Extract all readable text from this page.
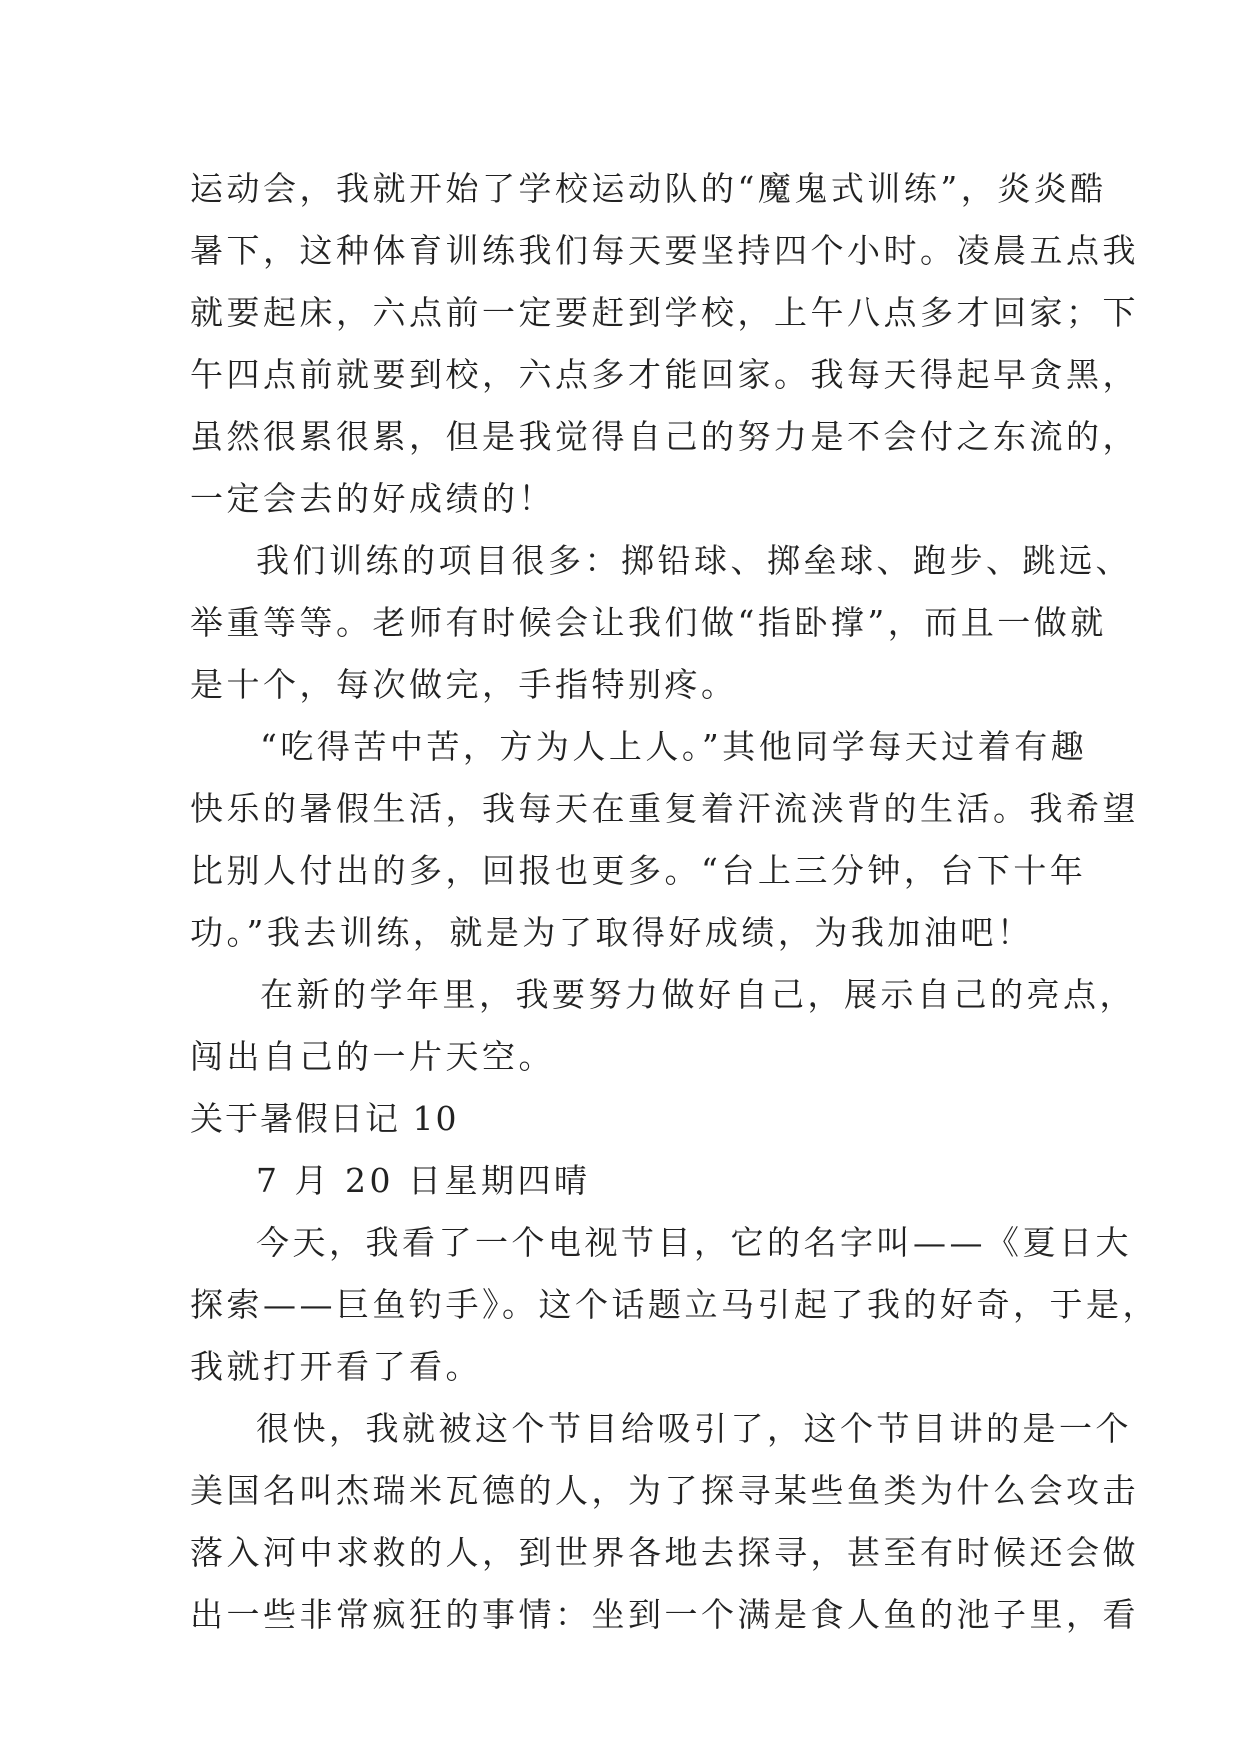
运动会，我就开始了学校运动队的“魔鬼式训练”，炎炎酷
暑下，这种体育训练我们每天要坚持四个小时。凌晨五点我
就要起床，六点前一定要赶到学校，上午八点多才回家；下
午四点前就要到校，六点多才能回家。我每天得起早贪黑，
虽然很累很累，但是我觉得自己的努力是不会付之东流的，
一定会去的好成绩的！
我们训练的项目很多：掷铅球、掷垒球、跑步、跳远、
举重等等。老师有时候会让我们做“指卧撑”，而且一做就
是十个，每次做完，手指特别疼。
“吃得苦中苦，方为人上人。”其他同学每天过着有趣
快乐的暑假生活，我每天在重复着汗流浃背的生活。我希望
比别人付出的多，回报也更多。“台上三分钟，台下十年
功。”我去训练，就是为了取得好成绩，为我加油吧！
在新的学年里，我要努力做好自己，展示自己的亮点，
闯出自己的一片天空。
关于暑假日记 10
7 月 20 日星期四晴
今天，我看了一个电视节目，它的名字叫——《夏日大
探索——巨鱼钓手》。这个话题立马引起了我的好奇，于是，
我就打开看了看。
很快，我就被这个节目给吸引了，这个节目讲的是一个
美国名叫杰瑞米瓦德的人，为了探寻某些鱼类为什么会攻击
落入河中求救的人，到世界各地去探寻，甚至有时候还会做
出一些非常疯狂的事情：坐到一个满是食人鱼的池子里，看
